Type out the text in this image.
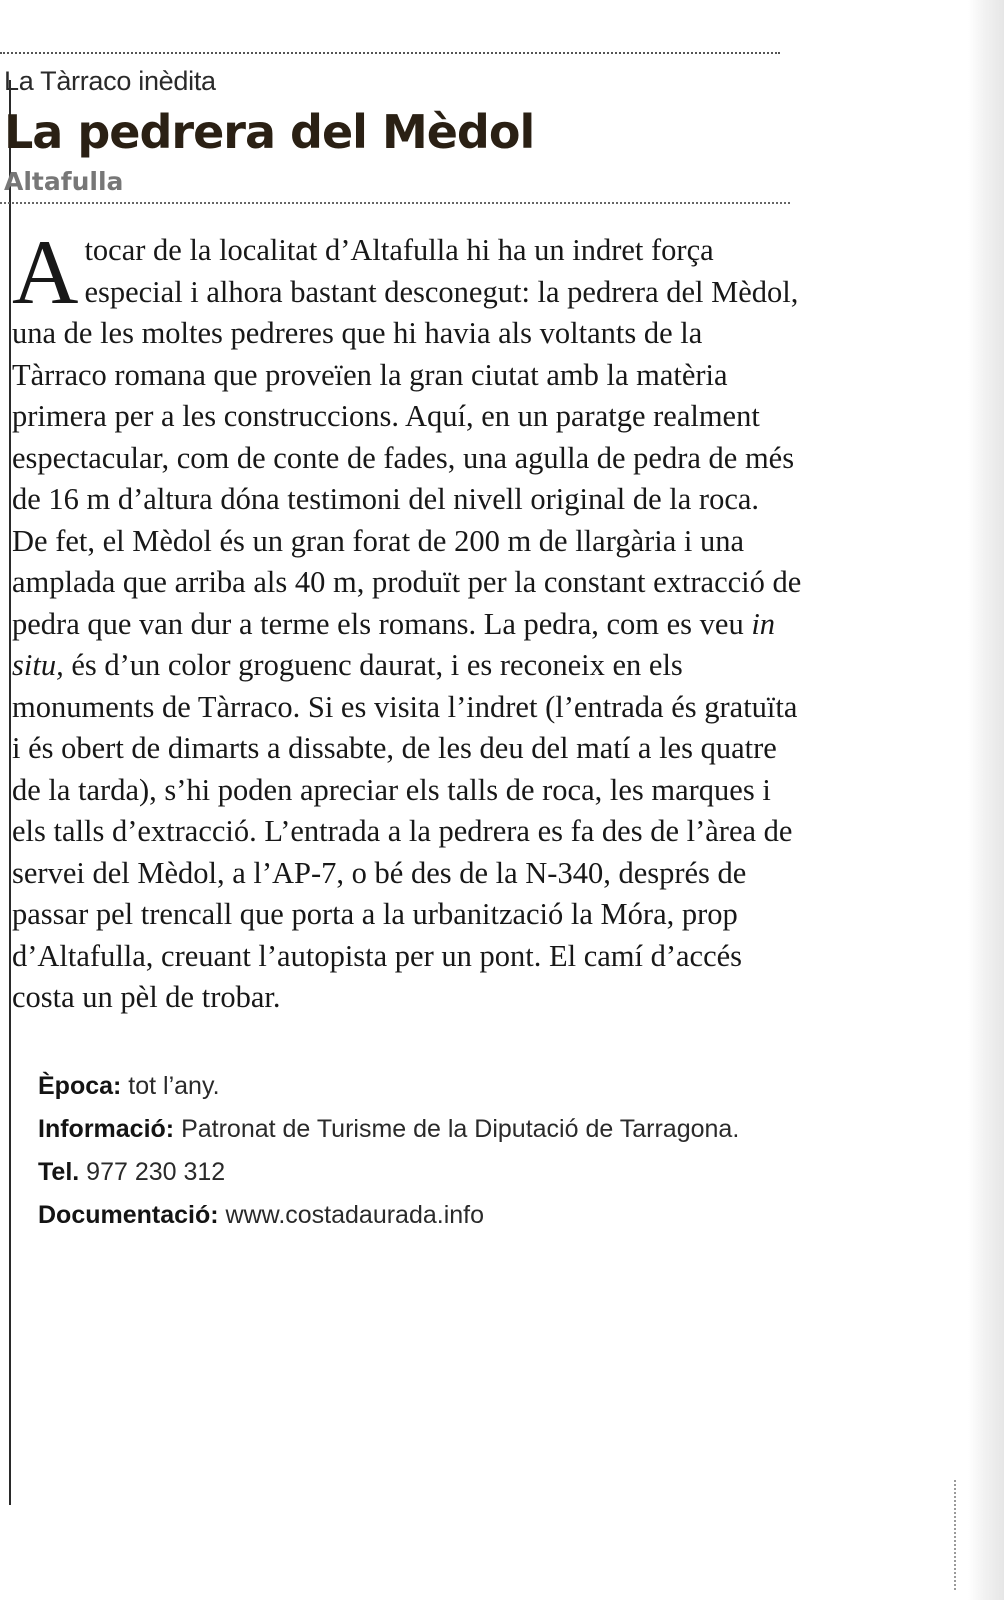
La Tàrraco inèdita
La pedrera del Mèdol
Altafulla
A tocar de la localitat d’Altafulla hi ha un indret força especial i alhora bastant desconegut: la pedrera del Mèdol, una de les moltes pedreres que hi havia als voltants de la Tàrraco romana que proveïen la gran ciutat amb la matèria primera per a les construccions. Aquí, en un paratge realment espectacular, com de conte de fades, una agulla de pedra de més de 16 m d’altura dóna testimoni del nivell original de la roca. De fet, el Mèdol és un gran forat de 200 m de llargària i una amplada que arriba als 40 m, produït per la constant extracció de pedra que van dur a terme els romans. La pedra, com es veu in situ, és d’un color groguenc daurat, i es reconeix en els monuments de Tàrraco. Si es visita l’indret (l’entrada és gratuïta i és obert de dimarts a dissabte, de les deu del matí a les quatre de la tarda), s’hi poden apreciar els talls de roca, les marques i els talls d’extracció. L’entrada a la pedrera es fa des de l’àrea de servei del Mèdol, a l’AP-7, o bé des de la N-340, després de passar pel trencall que porta a la urbanització la Móra, prop d’Altafulla, creuant l’autopista per un pont. El camí d’accés costa un pèl de trobar.
Època: tot l’any.
Informació: Patronat de Turisme de la Diputació de Tarragona.
Tel. 977 230 312
Documentació: www.costadaurada.info
